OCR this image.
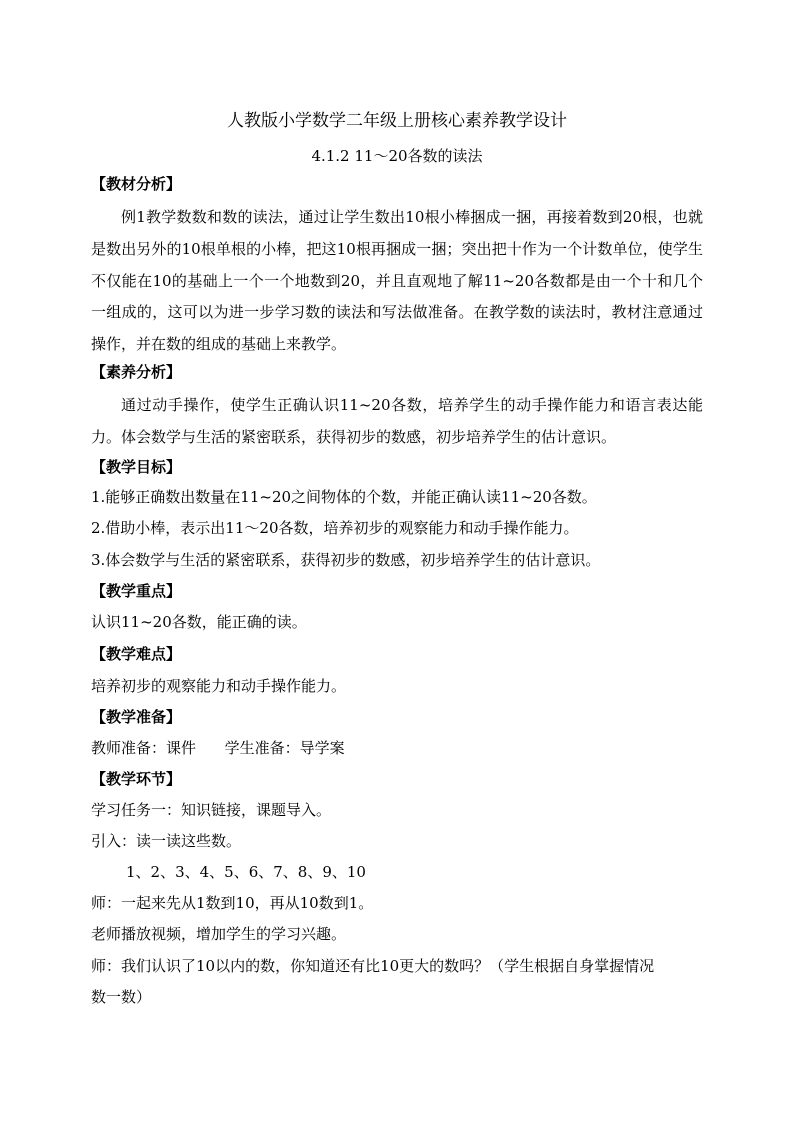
人教版小学数学二年级上册核心素养教学设计
4.1.2 11～20各数的读法
【教材分析】

例1教学数数和数的读法，通过让学生数出10根小棒捆成一捆，再接着数到20根，也就是数出另外的10根单根的小棒，把这10根再捆成一捆；突出把十作为一个计数单位，使学生不仅能在10的基础上一个一个地数到20，并且直观地了解11~20各数都是由一个十和几个一组成的，这可以为进一步学习数的读法和写法做准备。在教学数的读法时，教材注意通过操作，并在数的组成的基础上来教学。

【素养分析】

通过动手操作，使学生正确认识11~20各数，培养学生的动手操作能力和语言表达能力。体会数学与生活的紧密联系，获得初步的数感，初步培养学生的估计意识。

【教学目标】
1.能够正确数出数量在11~20之间物体的个数，并能正确认读11~20各数。
2.借助小棒，表示出11～20各数，培养初步的观察能力和动手操作能力。
3.体会数学与生活的紧密联系，获得初步的数感，初步培养学生的估计意识。
【教学重点】
认识11~20各数，能正确的读。
【教学难点】
培养初步的观察能力和动手操作能力。
【教学准备】
教师准备：课件      学生准备：导学案
【教学环节】
学习任务一：知识链接，课题导入。
引入：读一读这些数。
1、2、3、4、5、6、7、8、9、10
师：一起来先从1数到10，再从10数到1。
老师播放视频，增加学生的学习兴趣。
师：我们认识了10以内的数，你知道还有比10更大的数吗？（学生根据自身掌握情况
数一数）
